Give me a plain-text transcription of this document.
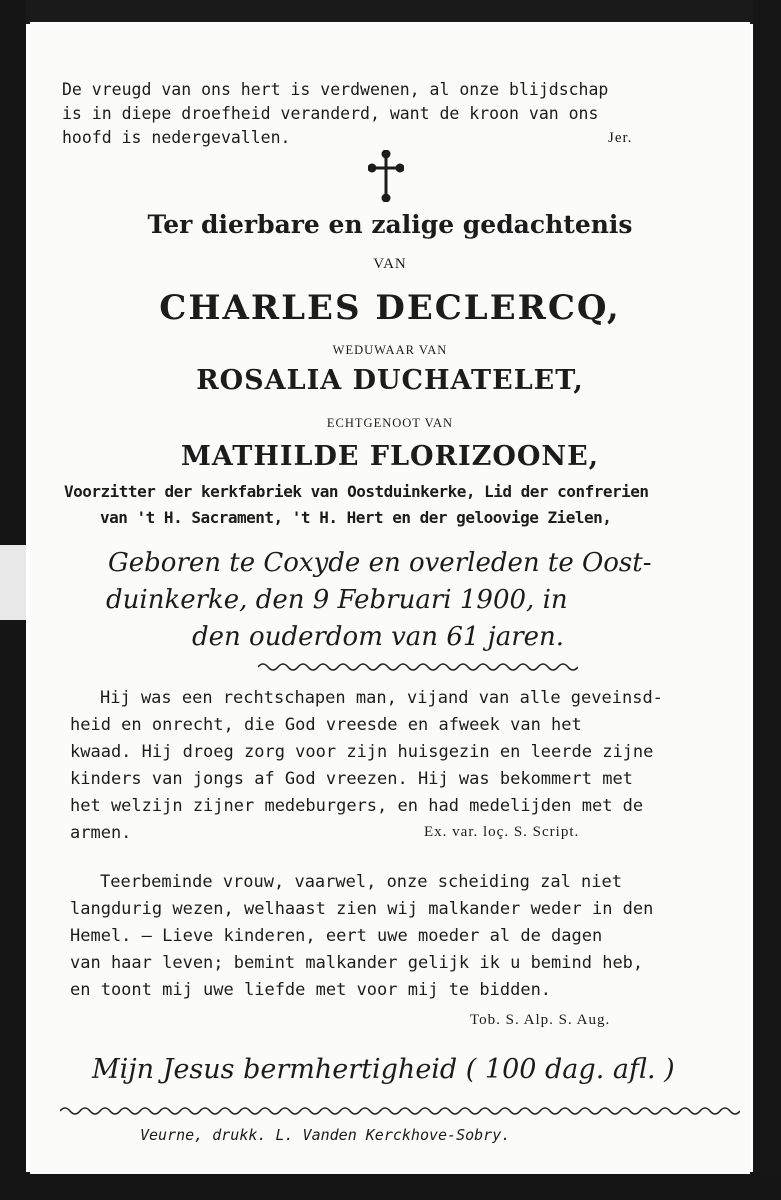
De vreugd van ons hert is verdwenen, al onze blijdschap
is in diepe droefheid veranderd, want de kroon van ons
hoofd is nedergevallen.	Jer.
Ter dierbare en zalige gedachtenis
VAN
CHARLES DECLERCQ,
WEDUWAAR VAN
ROSALIA DUCHATELET,
ECHTGENOOT VAN
MATHILDE FLORIZOONE,
Voorzitter der kerkfabriek van Oostduinkerke, Lid der confrerien
van 't H. Sacrament, 't H. Hert en der geloovige Zielen,
Geboren te Coxyde en overleden te Oost-
duinkerke, den 9 Februari 1900, in
den ouderdom van 61 jaren.
Hij was een rechtschapen man, vijand van alle geveinsd-
heid en onrecht, die God vreesde en afweek van het
kwaad. Hij droeg zorg voor zijn huisgezin en leerde zijne
kinders van jongs af God vreezen. Hij was bekommert met
het welzijn zijner medeburgers, en had medelijden met de
armen.	Ex. var. loç. S. Script.
Teerbeminde vrouw, vaarwel, onze scheiding zal niet
langdurig wezen, welhaast zien wij malkander weder in den
Hemel. — Lieve kinderen, eert uwe moeder al de dagen
van haar leven; bemint malkander gelijk ik u bemind heb,
en toont mij uwe liefde met voor mij te bidden.
Tob. S. Alp. S. Aug.
Mijn Jesus bermhertigheid ( 100 dag. afl. )
Veurne, drukk. L. Vanden Kerckhove-Sobry.
